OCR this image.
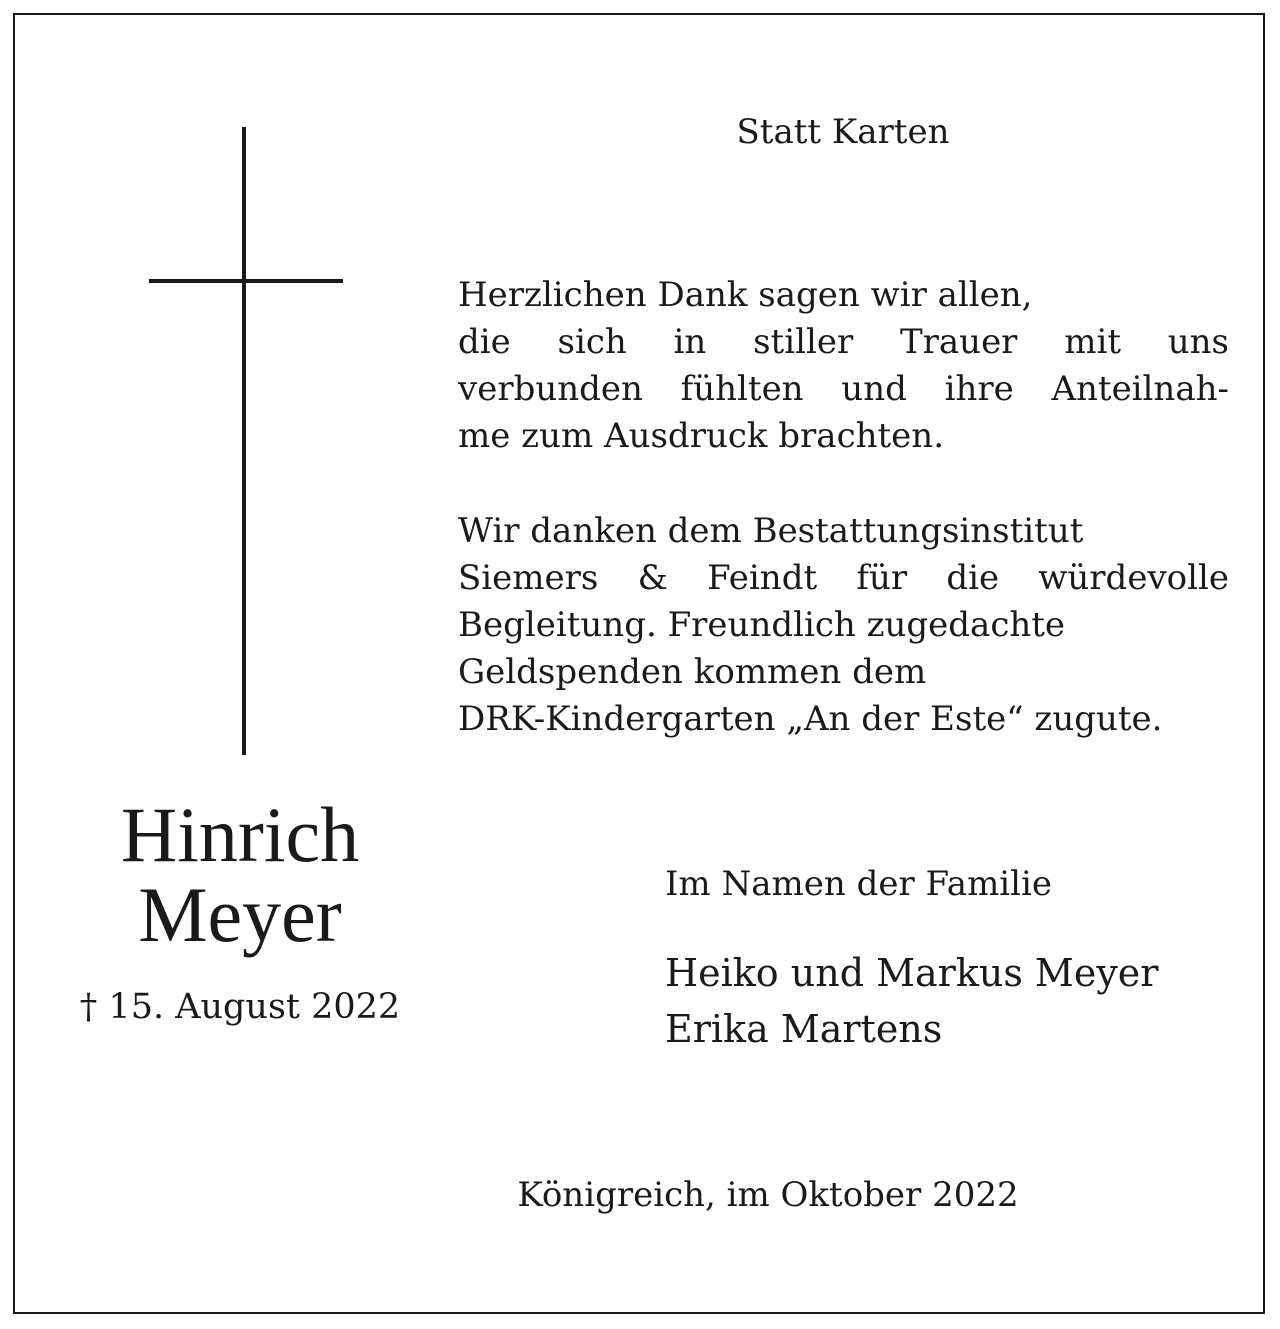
Statt Karten

Herzlichen Dank sagen wir allen,
die sich in stiller Trauer mit uns
verbunden fühlten und ihre Anteilnah-
me zum Ausdruck brachten.

Wir danken dem Bestattungsinstitut
Siemers & Feindt für die würdevolle
Begleitung. Freundlich zugedachte
Geldspenden kommen dem
DRK-Kindergarten „An der Este“ zugute.

Hinrich
Meyer
† 15. August 2022
Im Namen der Familie
Heiko und Markus Meyer
Erika Martens
Königreich, im Oktober 2022
